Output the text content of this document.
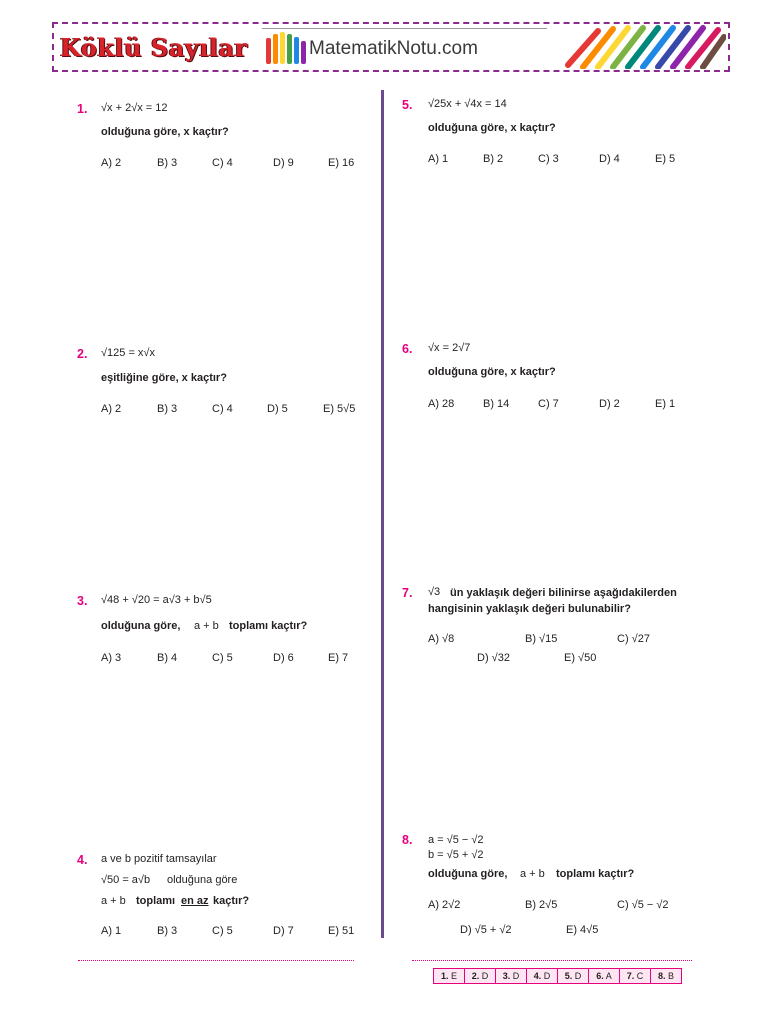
Köklü Sayılar	MatematikNotu.com
1. √x + 2√x = 12
olduğuna göre, x kaçtır?
A) 2	B) 3	C) 4	D) 9	E) 16
2. √125 = x√x
eşitliğine göre, x kaçtır?
A) 2	B) 3	C) 4	D) 5	E) 5√5
3. √48 + √20 = a√3 + b√5
olduğuna göre, a + b toplamı kaçtır?
A) 3	B) 4	C) 5	D) 6	E) 7
4. a ve b pozitif tamsayılar
√50 = a√b olduğuna göre
a + b toplamı en az kaçtır?
A) 1	B) 3	C) 5	D) 7	E) 51
5. √25x + √4x = 14
olduğuna göre, x kaçtır?
A) 1	B) 2	C) 3	D) 4	E) 5
6. √x = 2√7
olduğuna göre, x kaçtır?
A) 28	B) 14	C) 7	D) 2	E) 1
7. √3 ün yaklaşık değeri bilinirse aşağıdakilerden
hangisinin yaklaşık değeri bulunabilir?
A) √8	B) √15	C) √27
D) √32	E) √50
8. a = √5 − √2
b = √5 + √2
olduğuna göre, a + b toplamı kaçtır?
A) 2√2	B) 2√5	C) √5 − √2
D) √5 + √2	E) 4√5
1. E	2. D	3. D	4. D	5. D	6. A	7. C	8. B
